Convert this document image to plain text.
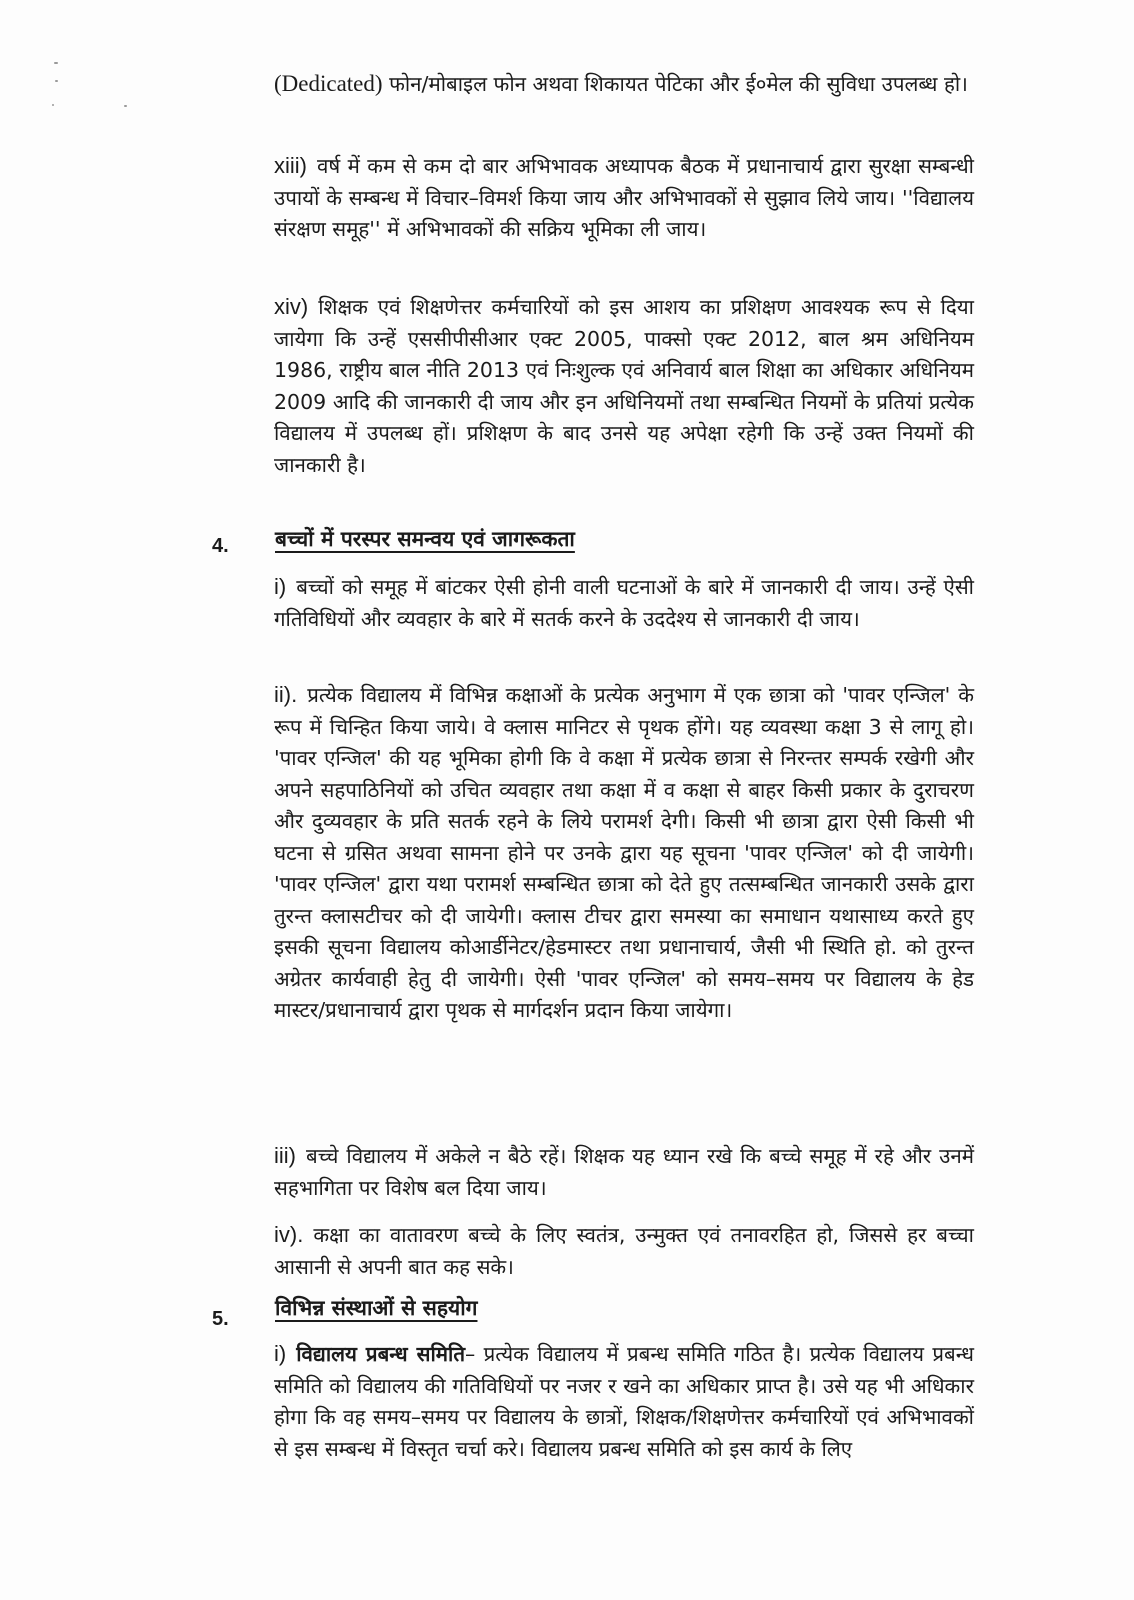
(Dedicated) फोन/मोबाइल फोन अथवा शिकायत पेटिका और ई०मेल की सुविधा उपलब्ध हो।

xiii) वर्ष में कम से कम दो बार अभिभावक अध्यापक बैठक में प्रधानाचार्य द्वारा सुरक्षा सम्बन्धी उपायों के सम्बन्ध में विचार–विमर्श किया जाय और अभिभावकों से सुझाव लिये जाय। ''विद्यालय संरक्षण समूह'' में अभिभावकों की सक्रिय भूमिका ली जाय।

xiv) शिक्षक एवं शिक्षणेत्तर कर्मचारियों को इस आशय का प्रशिक्षण आवश्यक रूप से दिया जायेगा कि उन्हें एससीपीसीआर एक्ट 2005, पाक्सो एक्ट 2012, बाल श्रम अधिनियम 1986, राष्ट्रीय बाल नीति 2013 एवं निःशुल्क एवं अनिवार्य बाल शिक्षा का अधिकार अधिनियम 2009 आदि की जानकारी दी जाय और इन अधिनियमों तथा सम्बन्धित नियमों के प्रतियां प्रत्येक विद्यालय में उपलब्ध हों। प्रशिक्षण के बाद उनसे यह अपेक्षा रहेगी कि उन्हें उक्त नियमों की जानकारी है।

4. बच्चों में परस्पर समन्वय एवं जागरूकता

i) बच्चों को समूह में बांटकर ऐसी होनी वाली घटनाओं के बारे में जानकारी दी जाय। उन्हें ऐसी गतिविधियों और व्यवहार के बारे में सतर्क करने के उददेश्य से जानकारी दी जाय।

ii). प्रत्येक विद्यालय में विभिन्न कक्षाओं के प्रत्येक अनुभाग में एक छात्रा को 'पावर एन्जिल' के रूप में चिन्हित किया जाये। वे क्लास मानिटर से पृथक होंगे। यह व्यवस्था कक्षा 3 से लागू हो। 'पावर एन्जिल' की यह भूमिका होगी कि वे कक्षा में प्रत्येक छात्रा से निरन्तर सम्पर्क रखेगी और अपने सहपाठिनियों को उचित व्यवहार तथा कक्षा में व कक्षा से बाहर किसी प्रकार के दुराचरण और दुव्यवहार के प्रति सतर्क रहने के लिये परामर्श देगी। किसी भी छात्रा द्वारा ऐसी किसी भी घटना से ग्रसित अथवा सामना होने पर उनके द्वारा यह सूचना 'पावर एन्जिल' को दी जायेगी। 'पावर एन्जिल' द्वारा यथा परामर्श सम्बन्धित छात्रा को देते हुए तत्सम्बन्धित जानकारी उसके द्वारा तुरन्त क्लासटीचर को दी जायेगी। क्लास टीचर द्वारा समस्या का समाधान यथासाध्य करते हुए इसकी सूचना विद्यालय कोआर्डीनेटर/हेडमास्टर तथा प्रधानाचार्य, जैसी भी स्थिति हो. को तुरन्त अग्रेतर कार्यवाही हेतु दी जायेगी। ऐसी 'पावर एन्जिल' को समय–समय पर विद्यालय के हेड मास्टर/प्रधानाचार्य द्वारा पृथक से मार्गदर्शन प्रदान किया जायेगा।

iii) बच्चे विद्यालय में अकेले न बैठे रहें। शिक्षक यह ध्यान रखे कि बच्चे समूह में रहे और उनमें सहभागिता पर विशेष बल दिया जाय।

iv). कक्षा का वातावरण बच्चे के लिए स्वतंत्र, उन्मुक्त एवं तनावरहित हो, जिससे हर बच्चा आसानी से अपनी बात कह सके।

5. विभिन्न संस्थाओं से सहयोग

i) विद्यालय प्रबन्ध समिति– प्रत्येक विद्यालय में प्रबन्ध समिति गठित है। प्रत्येक विद्यालय प्रबन्ध समिति को विद्यालय की गतिविधियों पर नजर र खने का अधिकार प्राप्त है। उसे यह भी अधिकार होगा कि वह समय–समय पर विद्यालय के छात्रों, शिक्षक/शिक्षणेत्तर कर्मचारियों एवं अभिभावकों से इस सम्बन्ध में विस्तृत चर्चा करे। विद्यालय प्रबन्ध समिति को इस कार्य के लिए
